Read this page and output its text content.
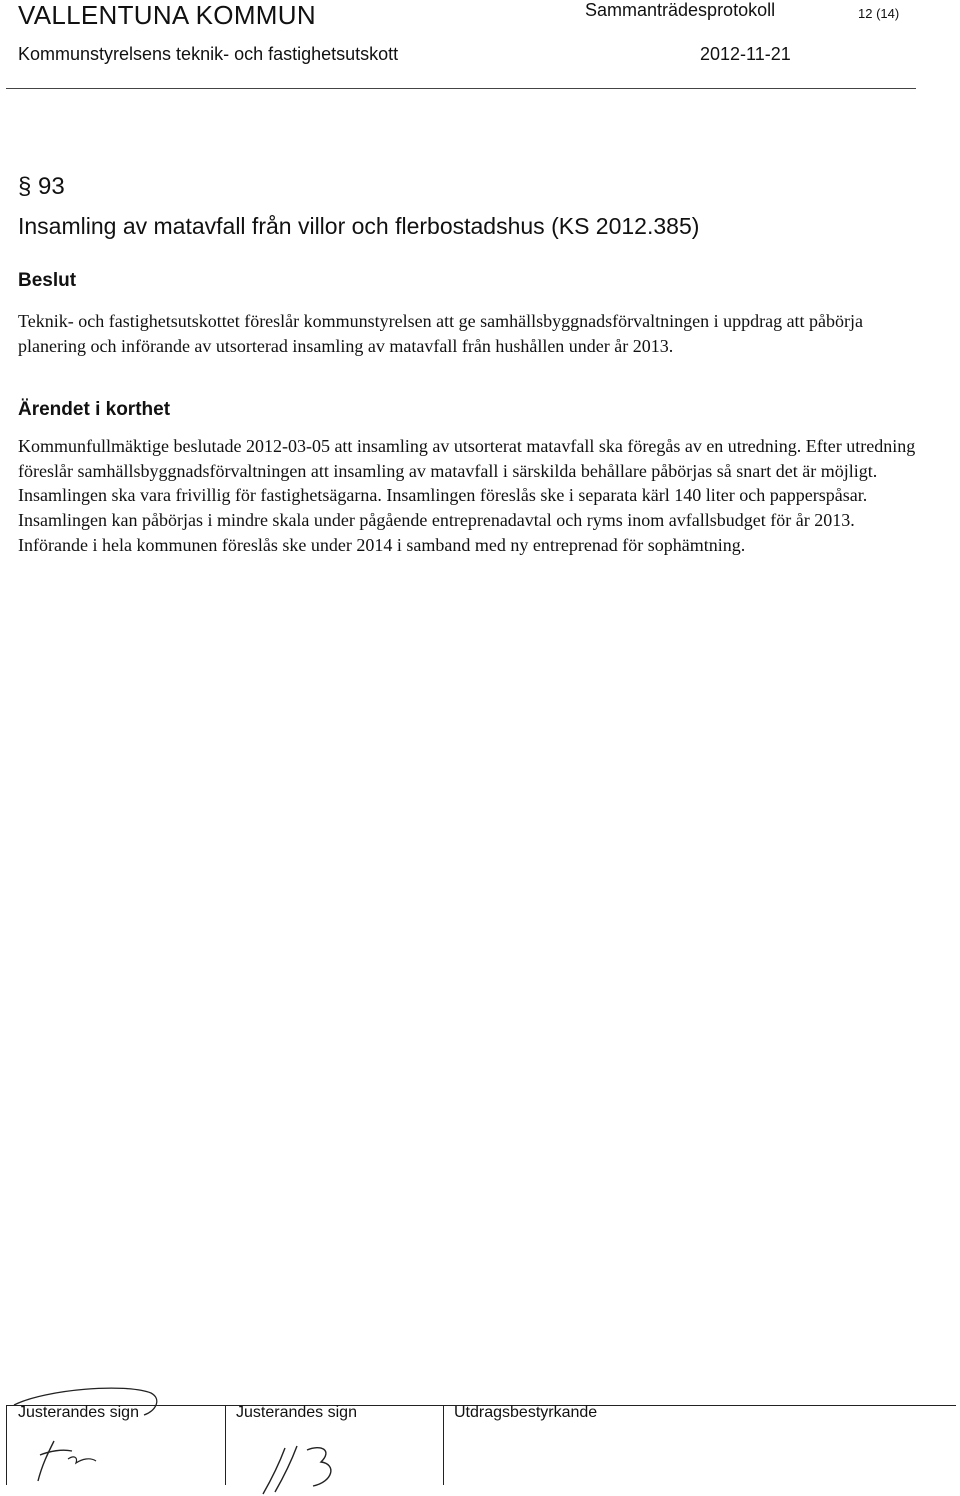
VALLENTUNA KOMMUN	Sammanträdesprotokoll	12 (14)
Kommunstyrelsens teknik- och fastighetsutskott	2012-11-21
§ 93
Insamling av matavfall från villor och flerbostadshus (KS 2012.385)
Beslut
Teknik- och fastighetsutskottet föreslår kommunstyrelsen att ge samhällsbyggnadsförvaltningen i uppdrag att påbörja planering och införande av utsorterad insamling av matavfall från hushållen under år 2013.
Ärendet i korthet
Kommunfullmäktige beslutade 2012-03-05 att insamling av utsorterat matavfall ska föregås av en utredning. Efter utredning föreslår samhällsbyggnadsförvaltningen att insamling av matavfall i särskilda behållare påbörjas så snart det är möjligt. Insamlingen ska vara frivillig för fastighetsägarna. Insamlingen föreslås ske i separata kärl 140 liter och papperspåsar. Insamlingen kan påbörjas i mindre skala under pågående entreprenadavtal och ryms inom avfallsbudget för år 2013. Införande i hela kommunen föreslås ske under 2014 i samband med ny entreprenad för sophämtning.
Justerandes sign	Justerandes sign	Utdragsbestyrkande
